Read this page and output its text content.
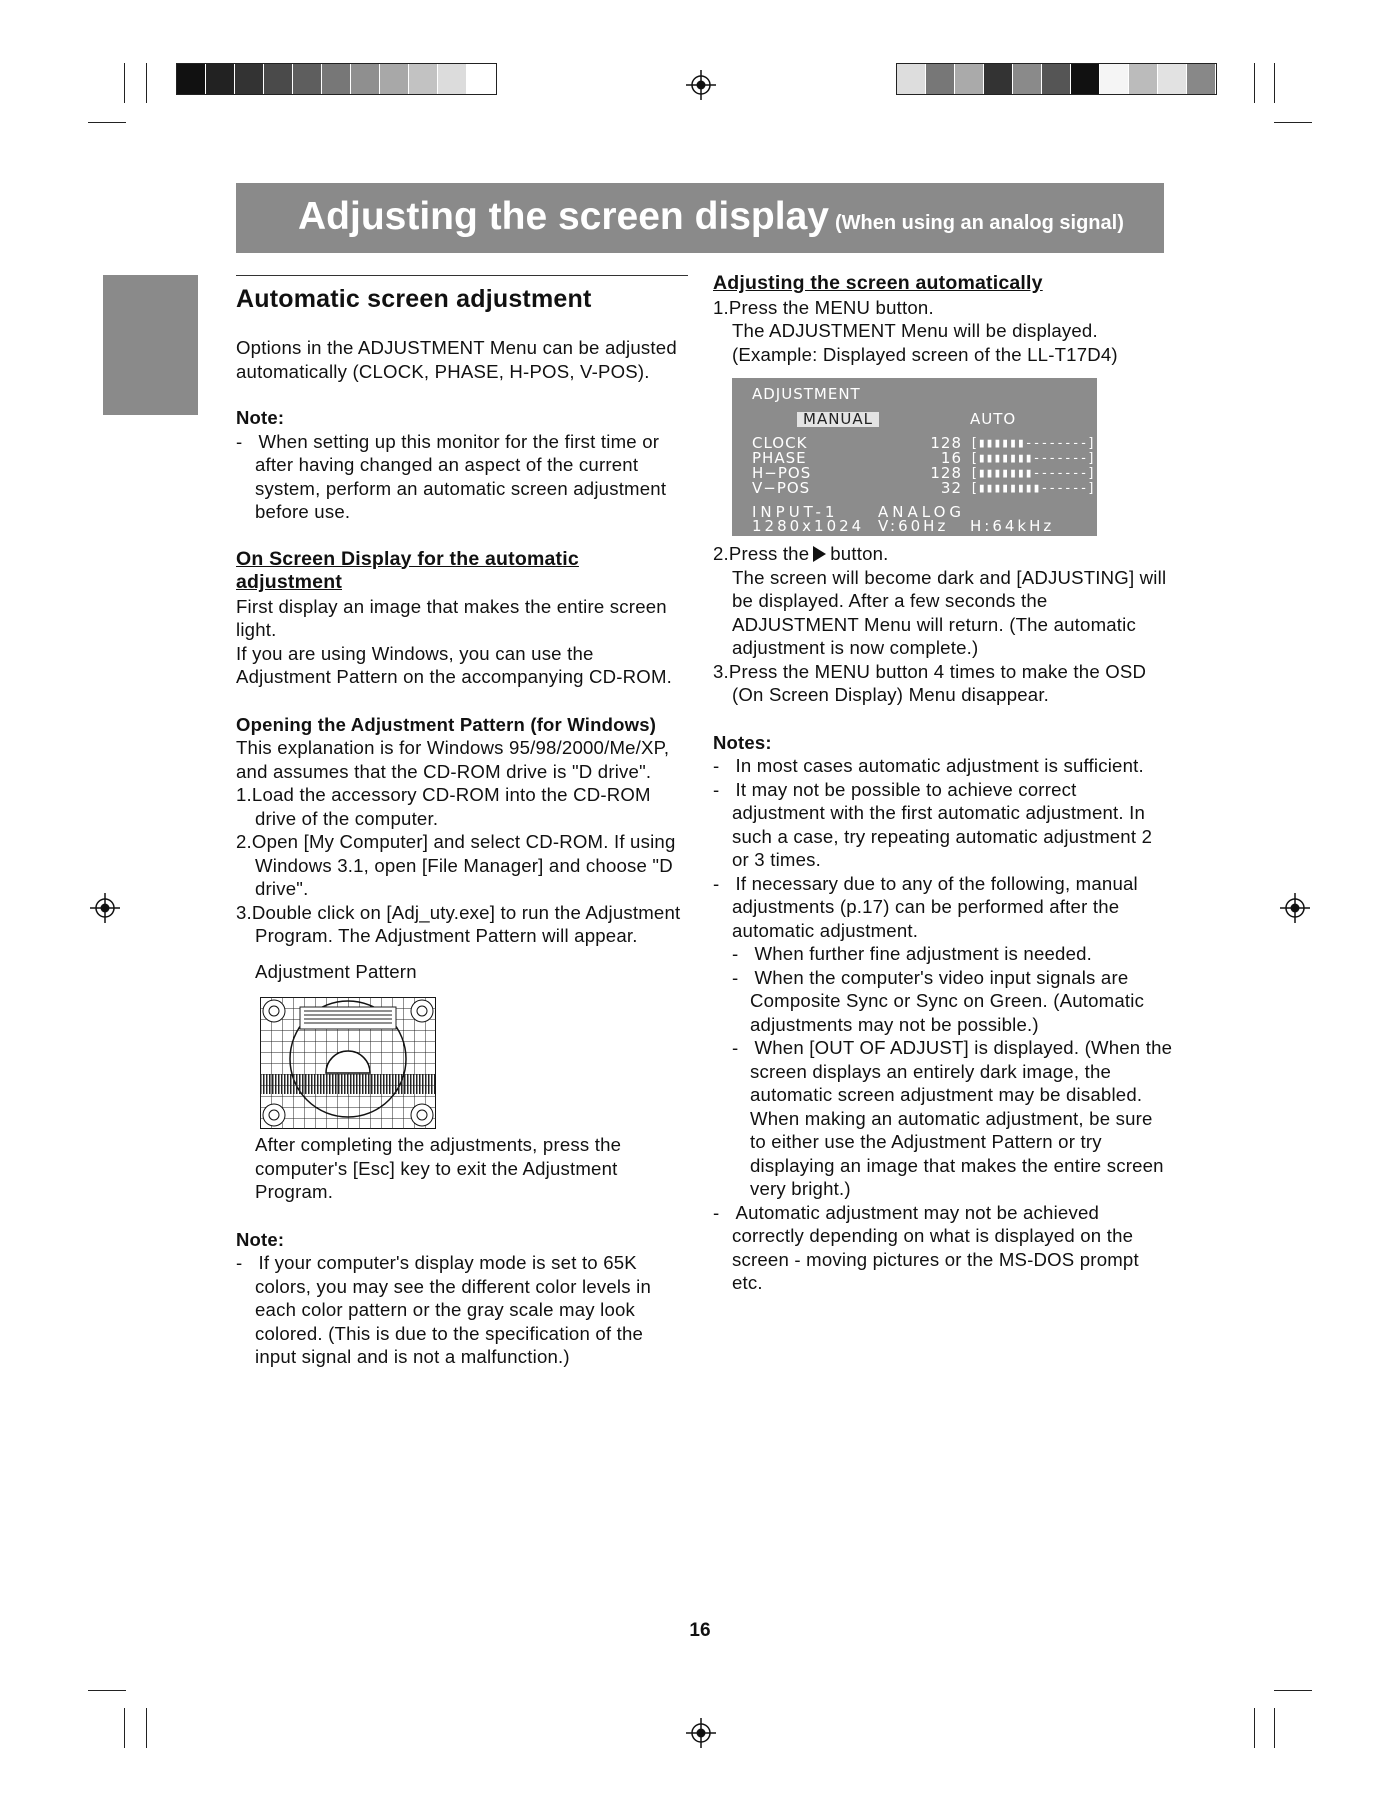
Adjusting the screen display (When using an analog signal)
Automatic screen adjustment

Options in the ADJUSTMENT Menu can be adjusted automatically (CLOCK, PHASE, H-POS, V-POS).

Note:

-   When setting up this monitor for the first time or after having changed an aspect of the current system, perform an automatic screen adjustment before use.

On Screen Display for the automatic adjustment

First display an image that makes the entire screen light.

If you are using Windows, you can use the Adjustment Pattern on the accompanying CD-ROM.

Opening the Adjustment Pattern (for Windows)

This explanation is for Windows 95/98/2000/Me/XP, and assumes that the CD-ROM drive is "D drive".

1.Load the accessory CD-ROM into the CD-ROM drive of the computer.

2.Open [My Computer] and select CD-ROM. If using Windows 3.1, open [File Manager] and choose "D drive".

3.Double click on [Adj_uty.exe] to run the Adjustment Program. The Adjustment Pattern will appear.

Adjustment Pattern

After completing the adjustments, press the computer's [Esc] key to exit the Adjustment Program.

Note:

-   If your computer's display mode is set to 65K colors, you may see the different color levels in each color pattern or the gray scale may look colored. (This is due to the specification of the input signal and is not a malfunction.)

Adjusting the screen automatically

1.Press the MENU button.

The ADJUSTMENT Menu will be displayed.

(Example: Displayed screen of the LL-T17D4)

ADJUSTMENT
MANUAL	AUTO
CLOCK	128 [▮▮▮▮▮▮--------]
PHASE	16 [▮▮▮▮▮▮▮-------]
H−POS	128 [▮▮▮▮▮▮▮-------]
V−POS	32 [▮▮▮▮▮▮▮▮------]
INPUT-1	ANALOG
1280x1024 V:60Hz H:64kHz

2.Press the button.

The screen will become dark and [ADJUSTING] will be displayed. After a few seconds the ADJUSTMENT Menu will return. (The automatic adjustment is now complete.)

3.Press the MENU button 4 times to make the OSD (On Screen Display) Menu disappear.

Notes:

-   In most cases automatic adjustment is sufficient.

-   It may not be possible to achieve correct adjustment with the first automatic adjustment. In such a case, try repeating automatic adjustment 2 or 3 times.

-   If necessary due to any of the following, manual adjustments (p.17) can be performed after the automatic adjustment.

-   When further fine adjustment is needed.

-   When the computer's video input signals are Composite Sync or Sync on Green. (Automatic adjustments may not be possible.)

-   When [OUT OF ADJUST] is displayed. (When the screen displays an entirely dark image, the automatic screen adjustment may be disabled. When making an automatic adjustment, be sure to either use the Adjustment Pattern or try displaying an image that makes the entire screen very bright.)

-   Automatic adjustment may not be achieved correctly depending on what is displayed on the screen - moving pictures or the MS-DOS prompt etc.

16
